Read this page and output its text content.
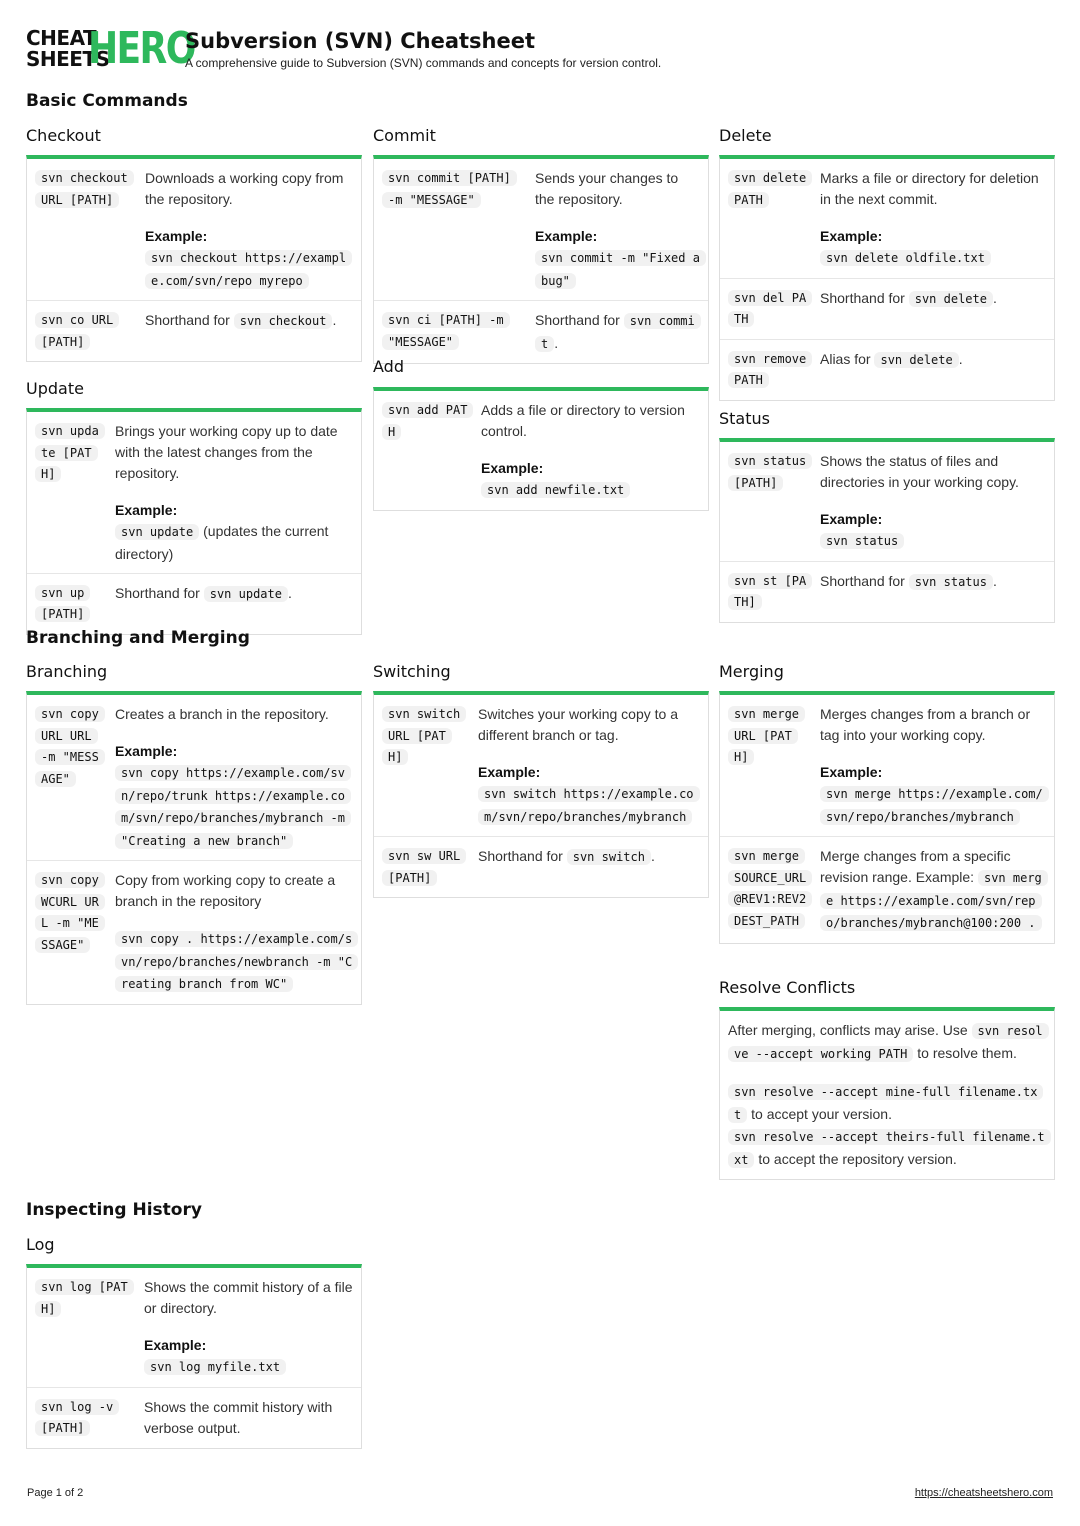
CHEAT
SHEETS
HERO
Subversion (SVN) Cheatsheet
A comprehensive guide to Subversion (SVN) commands and concepts for version control.
Basic Commands
Checkout
svn checkout URL [PATH]
Downloads a working copy from the repository.
Example:
svn checkout https://example.com/svn/repo myrepo
svn co URL [PATH]
Shorthand for svn checkout .
Update
svn update [PATH]
Brings your working copy up to date with the latest changes from the repository.
Example:
svn update (updates the current directory)
svn up [PATH]
Shorthand for svn update .
Commit
svn commit [PATH] -m "MESSAGE"
Sends your changes to the repository.
Example:
svn commit -m "Fixed a bug"
svn ci [PATH] -m "MESSAGE"
Shorthand for svn commit .
Add
svn add PATH
Adds a file or directory to version control.
Example:
svn add newfile.txt
Delete
svn delete PATH
Marks a file or directory for deletion in the next commit.
Example:
svn delete oldfile.txt
svn del PATH
Shorthand for svn delete .
svn remove PATH
Alias for svn delete .
Status
svn status [PATH]
Shows the status of files and directories in your working copy.
Example:
svn status
svn st [PATH]
Shorthand for svn status .
Branching and Merging
Branching
svn copy URL URL -m "MESSAGE"
Creates a branch in the repository.
Example:
svn copy https://example.com/svn/repo/trunk https://example.com/svn/repo/branches/mybranch -m "Creating a new branch"
svn copy WCURL URL -m "MESSAGE"
Copy from working copy to create a branch in the repository
svn copy . https://example.com/svn/repo/branches/newbranch -m "Creating branch from WC"
Switching
svn switch URL [PATH]
Switches your working copy to a different branch or tag.
Example:
svn switch https://example.com/svn/repo/branches/mybranch
svn sw URL [PATH]
Shorthand for svn switch .
Merging
svn merge URL [PATH]
Merges changes from a branch or tag into your working copy.
Example:
svn merge https://example.com/svn/repo/branches/mybranch
svn merge SOURCE_URL @REV1:REV2 DEST_PATH
Merge changes from a specific revision range. Example: svn merge https://example.com/svn/repo/branches/mybranch@100:200 .
Resolve Conflicts
After merging, conflicts may arise. Use svn resolve --accept working PATH to resolve them.
svn resolve --accept mine-full filename.txt to accept your version.
svn resolve --accept theirs-full filename.txt to accept the repository version.
Inspecting History
Log
svn log [PATH]
Shows the commit history of a file or directory.
Example:
svn log myfile.txt
svn log -v [PATH]
Shows the commit history with verbose output.
Page 1 of 2	https://cheatsheetshero.com
